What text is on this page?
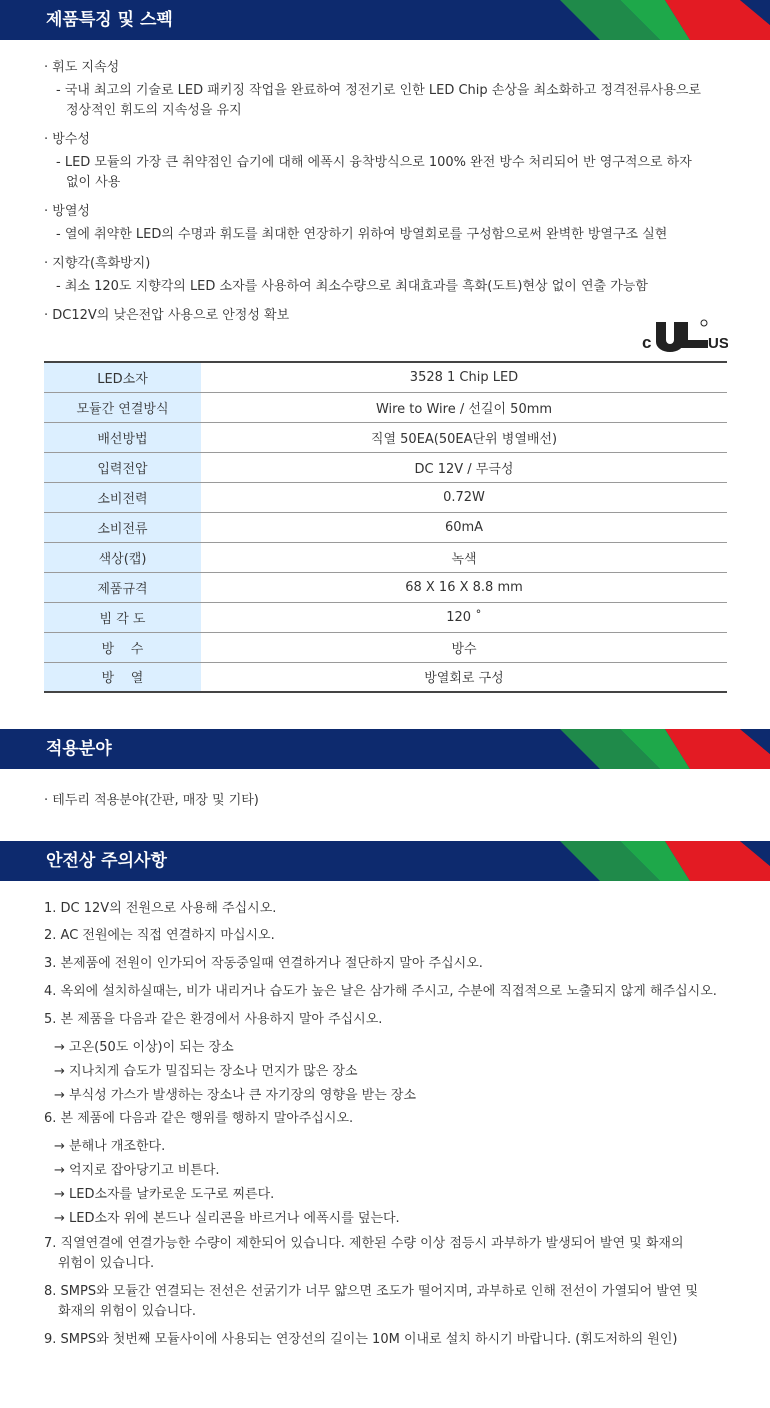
제품특징 및 스펙
· 휘도 지속성
- 국내 최고의 기술로 LED 패키징 작업을 완료하여 정전기로 인한 LED Chip 손상을 최소화하고 정격전류사용으로 정상적인 휘도의 지속성을 유지
· 방수성
- LED 모듈의 가장 큰 취약점인 습기에 대해 에폭시 융착방식으로 100% 완전 방수 처리되어 반 영구적으로 하자 없이 사용
· 방열성
- 열에 취약한 LED의 수명과 휘도를 최대한 연장하기 위하여 방열회로를 구성함으로써 완벽한 방열구조 실현
· 지향각(흑화방지)
- 최소 120도 지향각의 LED 소자를 사용하여 최소수량으로 최대효과를 흑화(도트)현상 없이 연출 가능함
· DC12V의 낮은전압 사용으로 안정성 확보
c	US
LED소자	3528 1 Chip LED
모듈간 연결방식	Wire to Wire / 선길이 50mm
배선방법	직열 50EA(50EA단위 병열배선)
입력전압	DC 12V / 무극성
소비전력	0.72W
소비전류	60mA
색상(캡)	녹색
제품규격	68 X 16 X 8.8 mm
빔 각 도	120 ˚
방    수	방수
방    열	방열회로 구성
적용분야
· 테두리 적용분야(간판, 매장 및 기타)
안전상 주의사항
1. DC 12V의 전원으로 사용해 주십시오.
2. AC 전원에는 직접 연결하지 마십시오.
3. 본제품에 전원이 인가되어 작동중일때 연결하거나 절단하지 말아 주십시오.
4. 옥외에 설치하실때는, 비가 내리거나 습도가 높은 날은 삼가해 주시고, 수분에 직접적으로 노출되지 않게 해주십시오.
5. 본 제품을 다음과 같은 환경에서 사용하지 말아 주십시오.
→ 고온(50도 이상)이 되는 장소
→ 지나치게 습도가 밀집되는 장소나 먼지가 많은 장소
→ 부식성 가스가 발생하는 장소나 큰 자기장의 영향을 받는 장소
6. 본 제품에 다음과 같은 행위를 행하지 말아주십시오.
→ 분해나 개조한다.
→ 억지로 잡아당기고 비튼다.
→ LED소자를 날카로운 도구로 찌른다.
→ LED소자 위에 본드나 실리콘을 바르거나 에폭시를 덮는다.
7. 직열연결에 연결가능한 수량이 제한되어 있습니다. 제한된 수량 이상 점등시 과부하가 발생되어 발연 및 화재의
위험이 있습니다.
8. SMPS와 모듈간 연결되는 전선은 선굵기가 너무 얇으면 조도가 떨어지며, 과부하로 인해 전선이 가열되어 발연 및
화재의 위험이 있습니다.
9. SMPS와 첫번째 모듈사이에 사용되는 연장선의 길이는 10M 이내로 설치 하시기 바랍니다. (휘도저하의 원인)
